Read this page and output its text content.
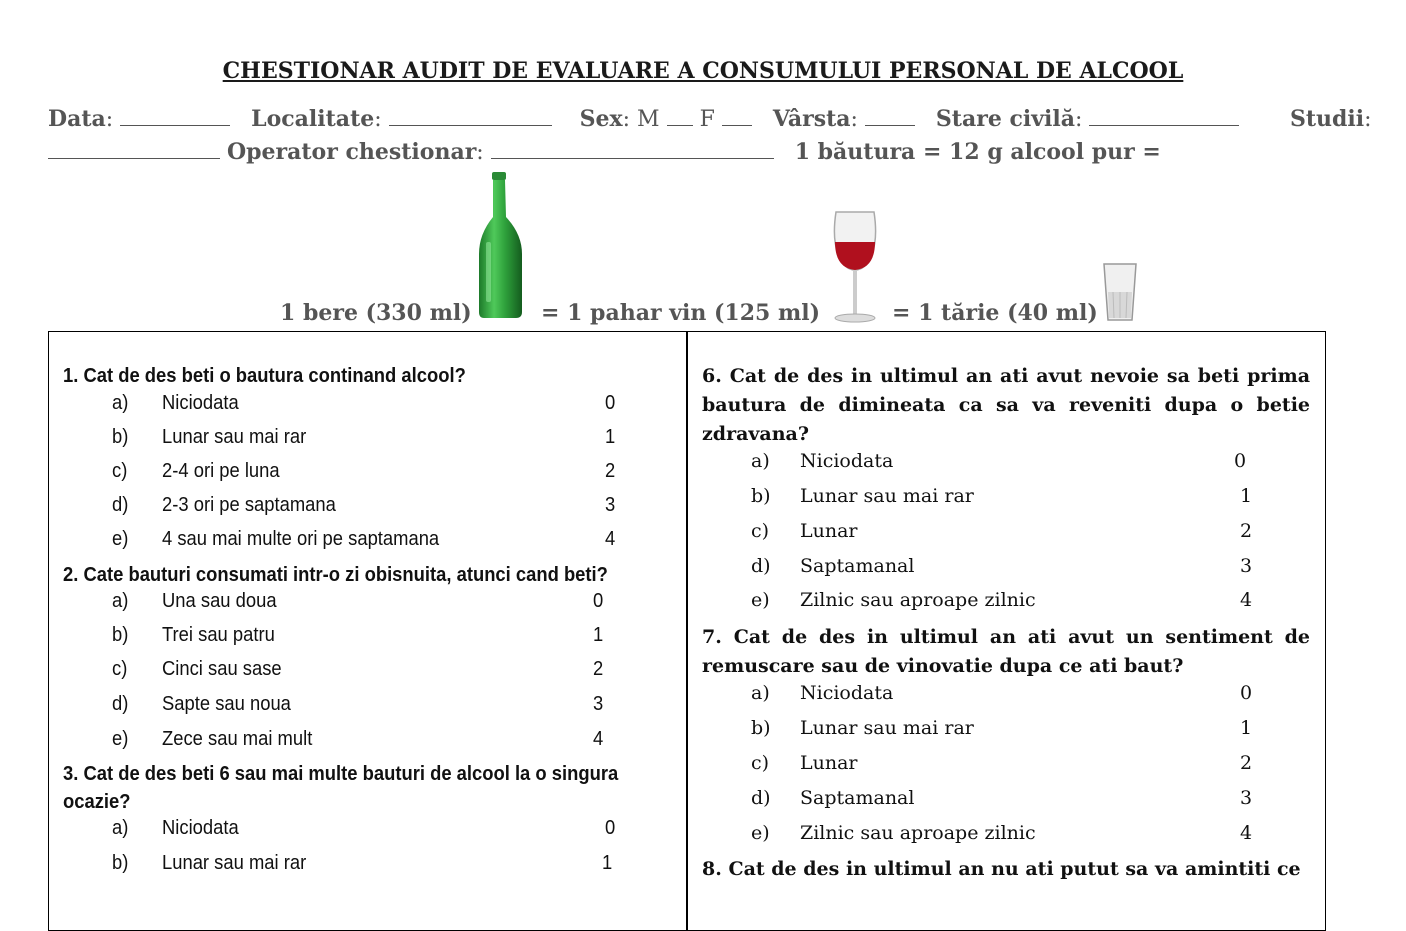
CHESTIONAR AUDIT DE EVALUARE A CONSUMULUI PERSONAL DE ALCOOL
Data:	Localitate:	Sex: M F	Vârsta:	Stare civilă:	Studii:
Operator chestionar:	1 băutura = 12 g alcool pur =
1 bere (330 ml)	= 1 pahar vin (125 ml)	= 1 tărie (40 ml)
1. Cat de des beti o bautura continand alcool?
a) Niciodata	0
b) Lunar sau mai rar	1
c) 2-4 ori pe luna	2
d) 2-3 ori pe saptamana	3
e) 4 sau mai multe ori pe saptamana	4
2. Cate bauturi consumati intr-o zi obisnuita, atunci cand beti?
a) Una sau doua	0
b) Trei sau patru	1
c) Cinci sau sase	2
d) Sapte sau noua	3
e) Zece sau mai mult	4
3. Cat de des beti 6 sau mai multe bauturi de alcool la o singura
ocazie?
a) Niciodata	0
b) Lunar sau mai rar	1
6. Cat de des in ultimul an ati avut nevoie sa beti prima bautura de dimineata ca sa va reveniti dupa o betie zdravana?
a) Niciodata	0
b) Lunar sau mai rar	1
c) Lunar	2
d) Saptamanal	3
e) Zilnic sau aproape zilnic	4
7. Cat de des in ultimul an ati avut un sentiment de remuscare sau de vinovatie dupa ce ati baut?
a) Niciodata	0
b) Lunar sau mai rar	1
c) Lunar	2
d) Saptamanal	3
e) Zilnic sau aproape zilnic	4
8. Cat de des in ultimul an nu ati putut sa va amintiti ce
